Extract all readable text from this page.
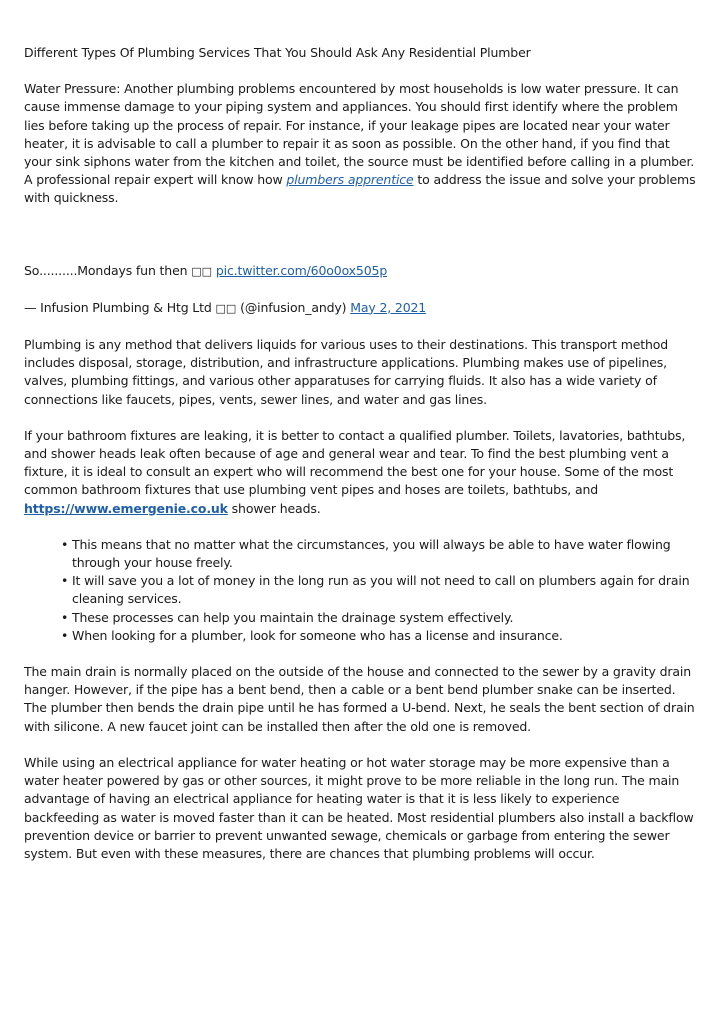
Different Types Of Plumbing Services That You Should Ask Any Residential Plumber

Water Pressure: Another plumbing problems encountered by most households is low water pressure. It can cause immense damage to your piping system and appliances. You should first identify where the problem lies before taking up the process of repair. For instance, if your leakage pipes are located near your water heater, it is advisable to call a plumber to repair it as soon as possible. On the other hand, if you find that your sink siphons water from the kitchen and toilet, the source must be identified before calling in a plumber. A professional repair expert will know how plumbers apprentice to address the issue and solve your problems with quickness.

So..........Mondays fun then □□ pic.twitter.com/60o0ox505p

— Infusion Plumbing & Htg Ltd □□ (@infusion_andy) May 2, 2021

Plumbing is any method that delivers liquids for various uses to their destinations. This transport method includes disposal, storage, distribution, and infrastructure applications. Plumbing makes use of pipelines, valves, plumbing fittings, and various other apparatuses for carrying fluids. It also has a wide variety of connections like faucets, pipes, vents, sewer lines, and water and gas lines.

If your bathroom fixtures are leaking, it is better to contact a qualified plumber. Toilets, lavatories, bathtubs, and shower heads leak often because of age and general wear and tear. To find the best plumbing vent a fixture, it is ideal to consult an expert who will recommend the best one for your house. Some of the most common bathroom fixtures that use plumbing vent pipes and hoses are toilets, bathtubs, and https://www.emergenie.co.uk shower heads.

• This means that no matter what the circumstances, you will always be able to have water flowing through your house freely.
• It will save you a lot of money in the long run as you will not need to call on plumbers again for drain cleaning services.
• These processes can help you maintain the drainage system effectively.
• When looking for a plumber, look for someone who has a license and insurance.

The main drain is normally placed on the outside of the house and connected to the sewer by a gravity drain hanger. However, if the pipe has a bent bend, then a cable or a bent bend plumber snake can be inserted. The plumber then bends the drain pipe until he has formed a U-bend. Next, he seals the bent section of drain with silicone. A new faucet joint can be installed then after the old one is removed.

While using an electrical appliance for water heating or hot water storage may be more expensive than a water heater powered by gas or other sources, it might prove to be more reliable in the long run. The main advantage of having an electrical appliance for heating water is that it is less likely to experience backfeeding as water is moved faster than it can be heated. Most residential plumbers also install a backflow prevention device or barrier to prevent unwanted sewage, chemicals or garbage from entering the sewer system. But even with these measures, there are chances that plumbing problems will occur.
